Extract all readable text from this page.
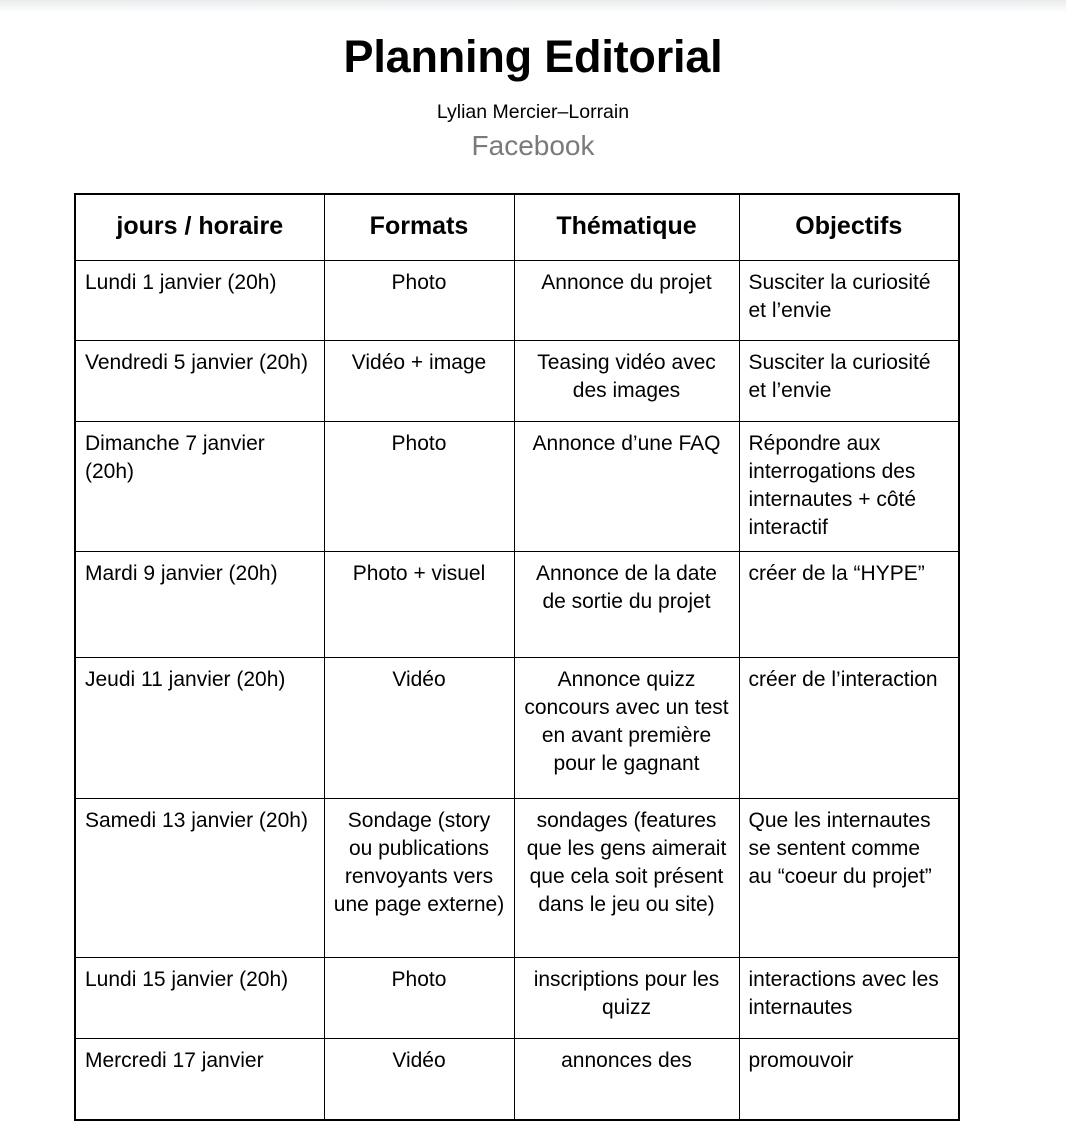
Planning Editorial
Lylian Mercier–Lorrain
Facebook
jours / horaire	Formats	Thématique	Objectifs

Lundi 1 janvier (20h)	Photo	Annonce du projet	Susciter la curiosité et l’envie

Vendredi 5 janvier (20h)	Vidéo + image	Teasing vidéo avec des images	Susciter la curiosité et l’envie

Dimanche 7 janvier (20h)	Photo	Annonce d’une FAQ	Répondre aux interrogations des internautes + côté interactif

Mardi 9 janvier (20h)	Photo + visuel	Annonce de la date de sortie du projet	créer de la “HYPE”

Jeudi 11 janvier (20h)	Vidéo	Annonce quizz concours avec un test en avant première pour le gagnant	créer de l’interaction

Samedi 13 janvier (20h)	Sondage (story ou publications renvoyants vers une page externe)	sondages (features que les gens aimerait que cela soit présent dans le jeu ou site)	Que les internautes se sentent comme au “coeur du projet”

Lundi 15 janvier (20h)	Photo	inscriptions pour les quizz	interactions avec les internautes

Mercredi 17 janvier	Vidéo	annonces des	promouvoir
